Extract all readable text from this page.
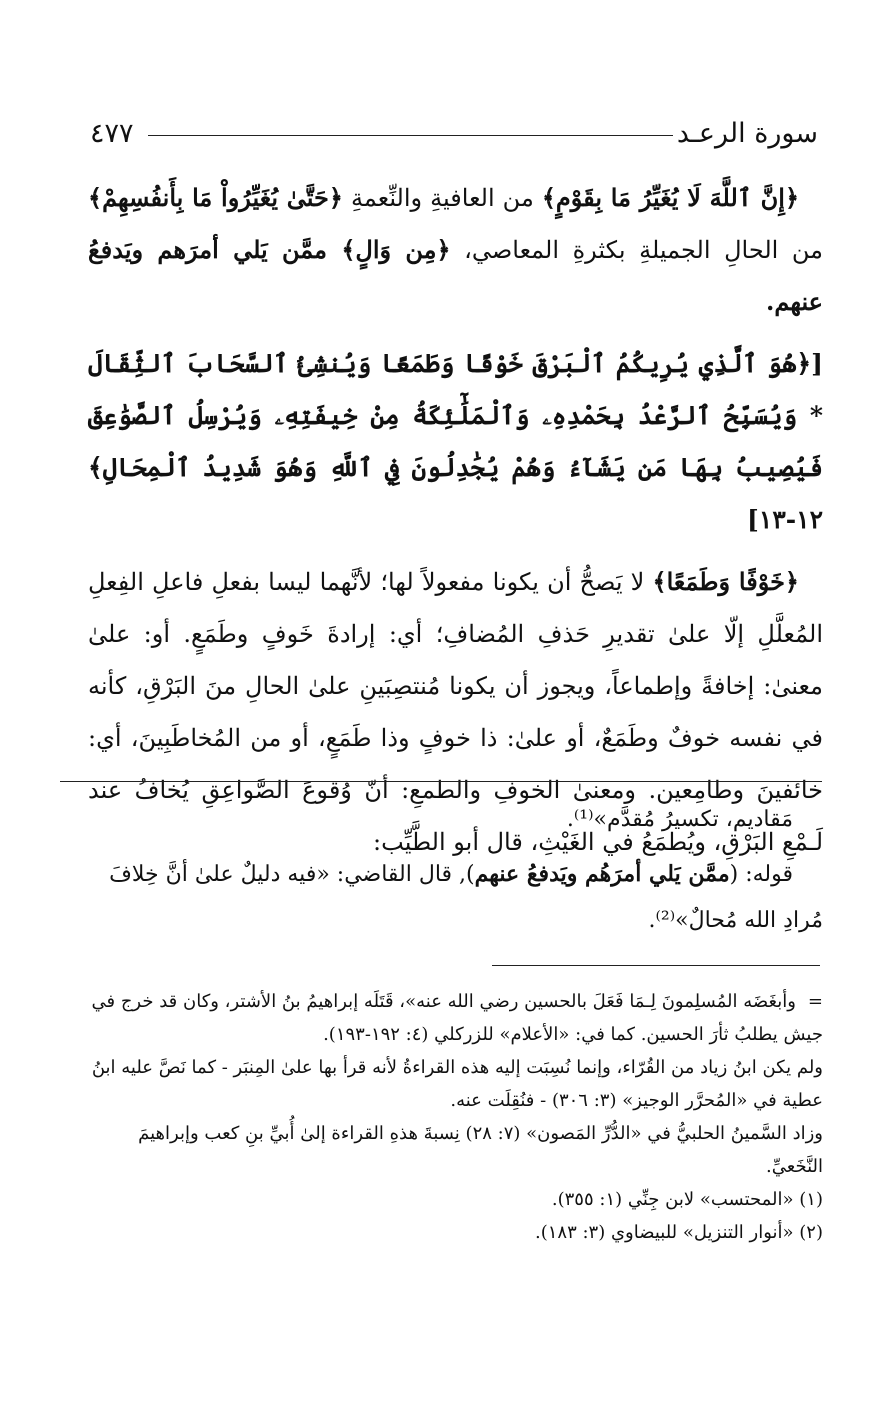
سورة الرعـد
٤٧٧

﴿إِنَّ ٱللَّهَ لَا يُغَيِّرُ مَا بِقَوْمٍ﴾ من العافيةِ والنِّعمةِ ﴿حَتَّىٰ يُغَيِّرُواْ مَا بِأَنفُسِهِمْ﴾ من الحالِ الجميلةِ بكثرةِ المعاصي، ﴿مِن وَالٍ﴾ ممَّن يَلي أمرَهم ويَدفعُ عنهم.

[﴿هُوَ ٱلَّذِي يُرِيكُمُ ٱلْبَرْقَ خَوْفًا وَطَمَعًا وَيُنشِئُ ٱلسَّحَابَ ٱلثِّقَالَ * وَيُسَبِّحُ ٱلرَّعْدُ بِحَمْدِهِۦ وَٱلْمَلَٰٓئِكَةُ مِنْ خِيفَتِهِۦ وَيُرْسِلُ ٱلصَّوَٰعِقَ فَيُصِيبُ بِهَا مَن يَشَآءُ وَهُمْ يُجَٰدِلُونَ فِي ٱللَّهِ وَهُوَ شَدِيدُ ٱلْمِحَالِ﴾ ١٢-١٣]

﴿خَوْفًا وَطَمَعًا﴾ لا يَصحُّ أن يكونا مفعولاً لها؛ لأنَّهما ليسا بفعلِ فاعلِ الفِعلِ المُعلَّلِ إلّا علىٰ تقديرِ حَذفِ المُضافِ؛ أي: إرادةَ خَوفٍ وطَمَعٍ. أو: علىٰ معنىٰ: إخافةً وإطماعاً، ويجوز أن يكونا مُنتصِبَينِ علىٰ الحالِ منَ البَرْقِ، كأنه في نفسه خوفٌ وطَمَعٌ، أو علىٰ: ذا خوفٍ وذا طَمَعٍ، أو من المُخاطَبِينَ، أي: خائفينَ وطامِعين. ومعنىٰ الخوفِ والطمعِ: أنّ وُقوعَ الصَّواعِقِ يُخافُ عند لَـمْعِ البَرْقِ، ويُطمَعُ في الغَيْثِ، قال أبو الطَّيِّب:

مَقاديم، تكسيرُ مُقدَّم»⁽¹⁾.

قوله: (ممَّن يَلي أمرَهُم ويَدفعُ عنهم), قال القاضي: «فيه دليلٌ علىٰ أنَّ خِلافَ مُرادِ الله مُحالٌ»⁽²⁾.

=وأبغَضَه المُسلِمونَ لِـمَا فَعَلَ بالحسين رضي الله عنه»، قَتَلَه إبراهيمُ بنُ الأشتر، وكان قد خرج في جيش يطلبُ ثأرَ الحسين. كما في: «الأعلام» للزركلي (٤: ١٩٢-١٩٣).

ولم يكن ابنُ زياد من القُرّاء، وإنما نُسِبَت إليه هذه القراءةُ لأنه قرأ بها علىٰ المِنبَر - كما نَصَّ عليه ابنُ عطية في «المُحرَّر الوجيز» (٣: ٣٠٦) - فنُقِلَت عنه.

وزاد السَّمينُ الحلبيُّ في «الدُّرِّ المَصون» (٧: ٢٨) نِسبةَ هذهِ القراءة إلىٰ أُبيِّ بنِ كعب وإبراهيمَ النَّخَعيِّ.

(١) «المحتسب» لابن جِنِّي (١: ٣٥٥).

(٢) «أنوار التنزيل» للبيضاوي (٣: ١٨٣).
